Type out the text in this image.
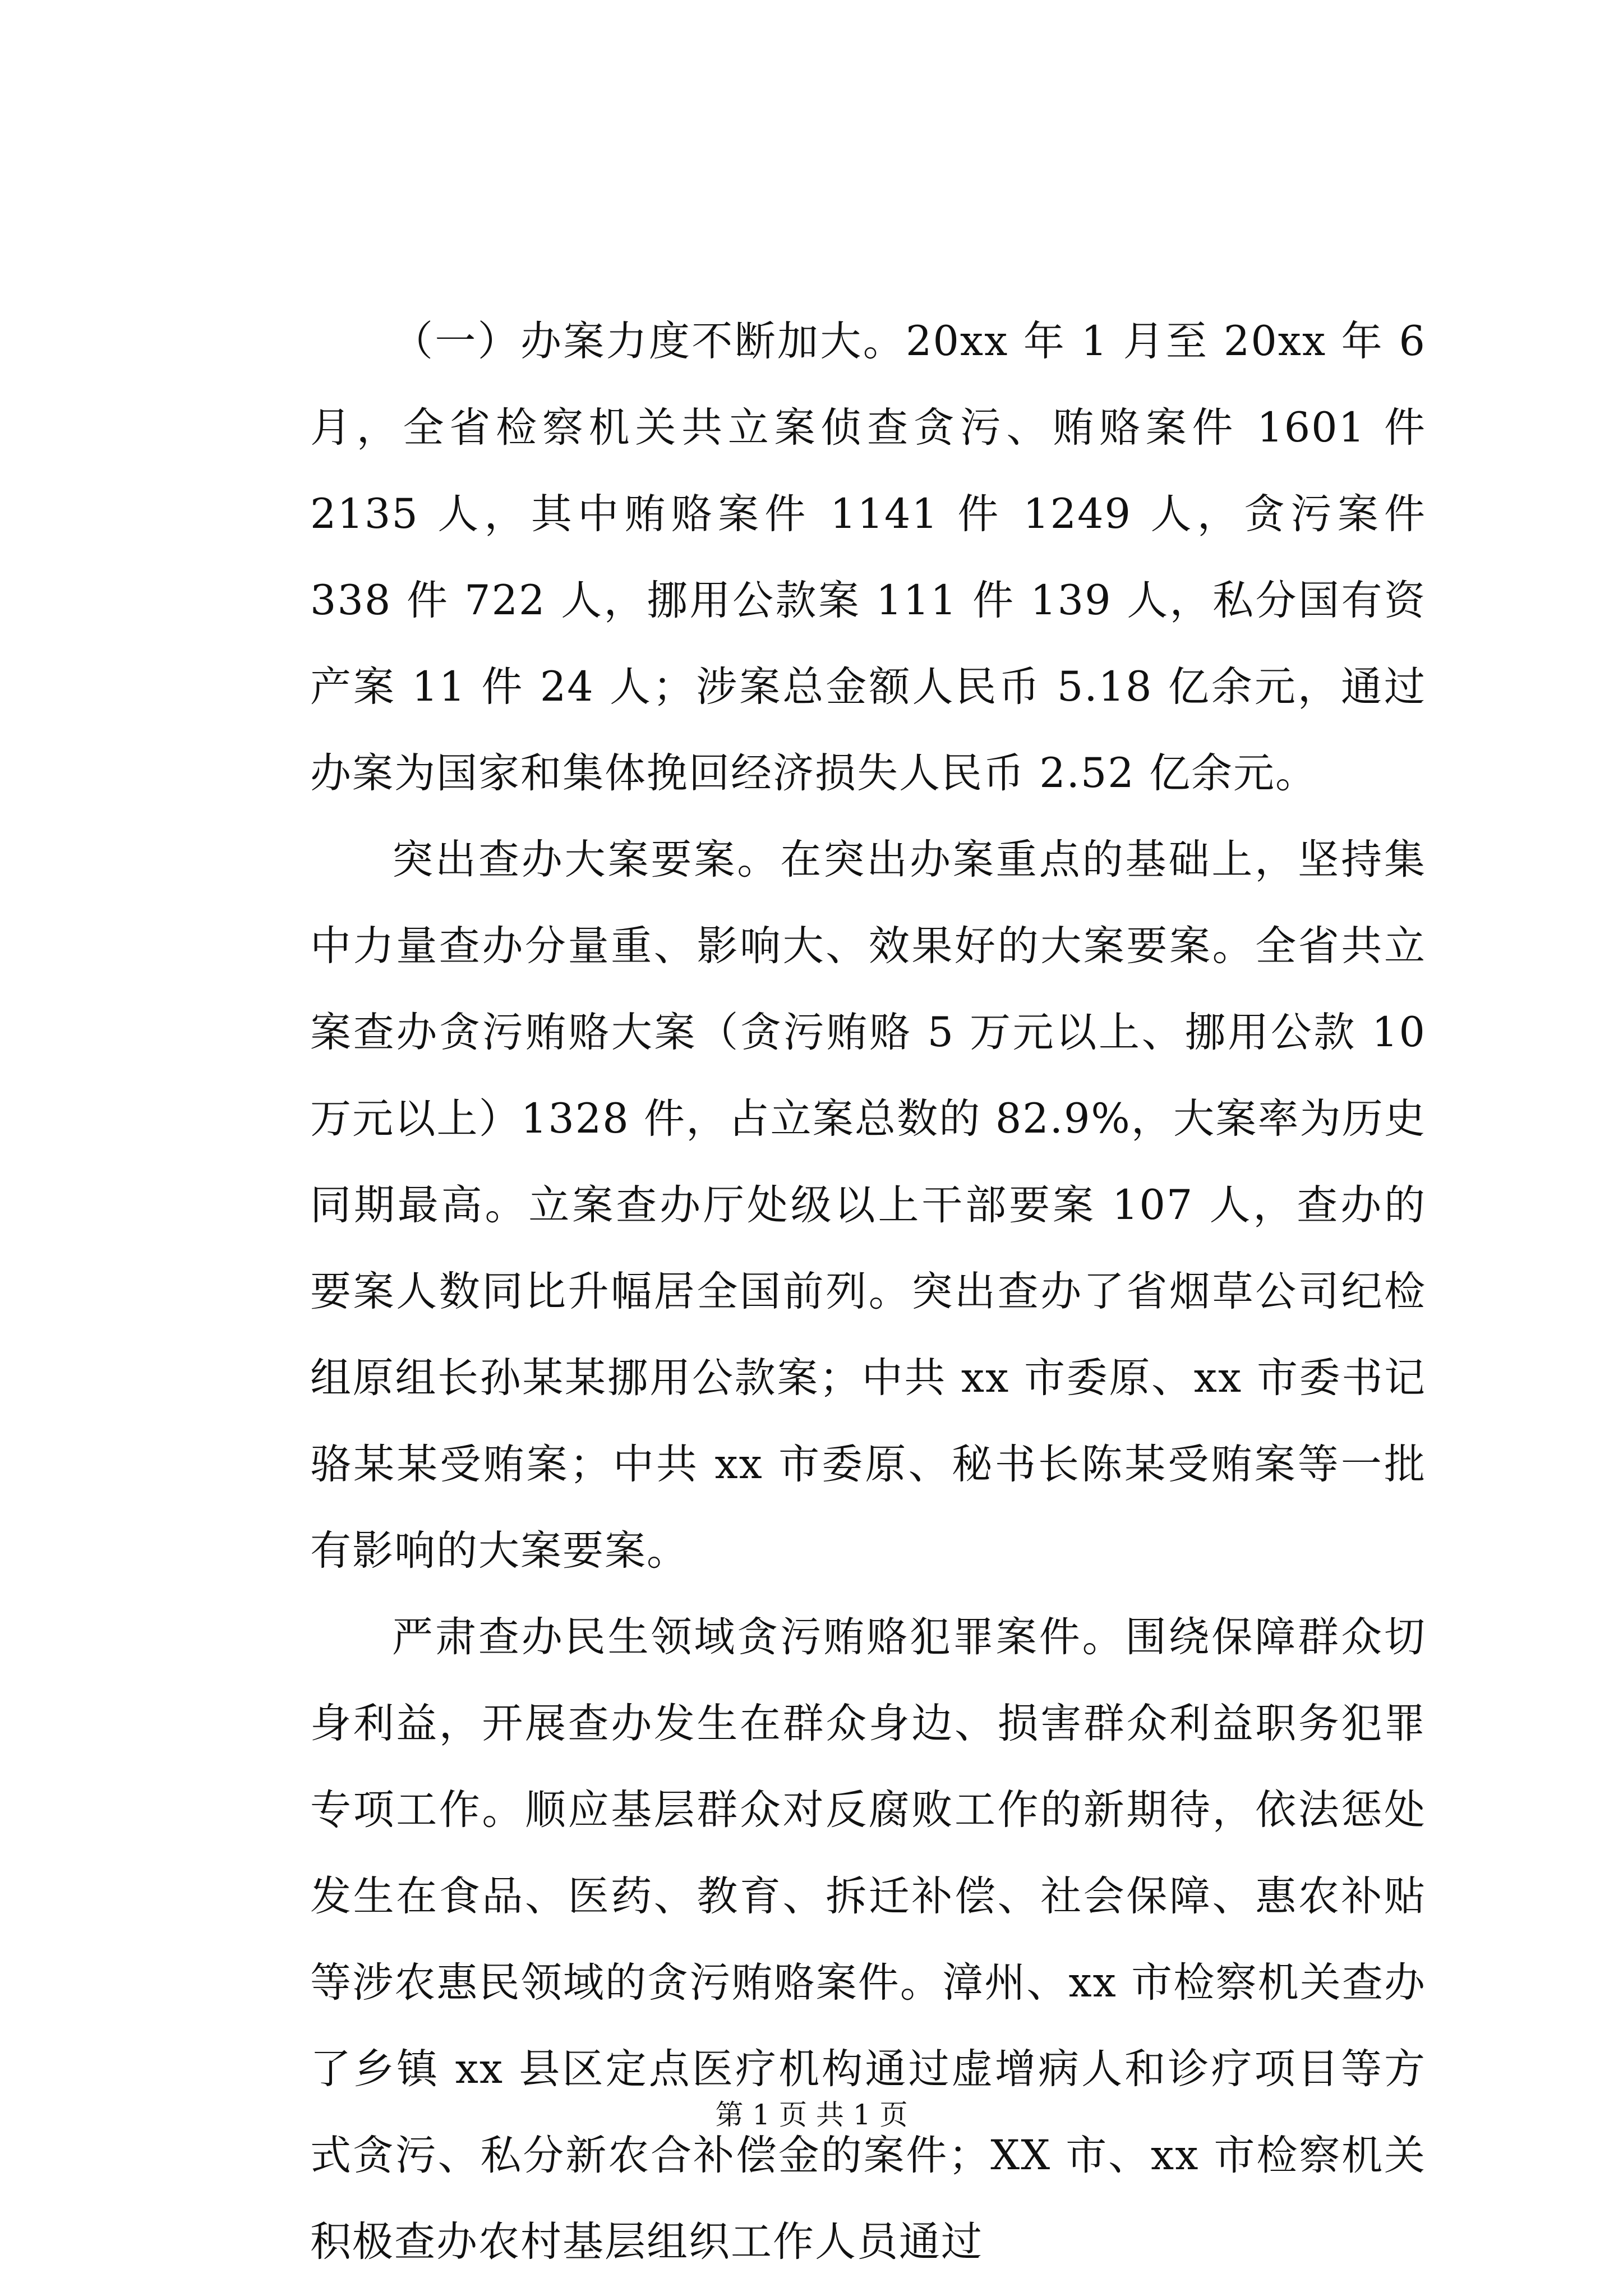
（一）办案力度不断加大。20xx 年 1 月至 20xx 年 6 月，全省检察机关共立案侦查贪污、贿赂案件 1601 件 2135 人，其中贿赂案件 1141 件 1249 人，贪污案件 338 件 722 人，挪用公款案 111 件 139 人，私分国有资产案 11 件 24 人；涉案总金额人民币 5.18 亿余元，通过办案为国家和集体挽回经济损失人民币 2.52 亿余元。

突出查办大案要案。在突出办案重点的基础上，坚持集中力量查办分量重、影响大、效果好的大案要案。全省共立案查办贪污贿赂大案（贪污贿赂 5 万元以上、挪用公款 10 万元以上）1328 件，占立案总数的 82.9%，大案率为历史同期最高。立案查办厅处级以上干部要案 107 人，查办的要案人数同比升幅居全国前列。突出查办了省烟草公司纪检组原组长孙某某挪用公款案；中共 xx 市委原、xx 市委书记骆某某受贿案；中共 xx 市委原、秘书长陈某受贿案等一批有影响的大案要案。

严肃查办民生领域贪污贿赂犯罪案件。围绕保障群众切身利益，开展查办发生在群众身边、损害群众利益职务犯罪专项工作。顺应基层群众对反腐败工作的新期待，依法惩处发生在食品、医药、教育、拆迁补偿、社会保障、惠农补贴等涉农惠民领域的贪污贿赂案件。漳州、xx 市检察机关查办了乡镇 xx 县区定点医疗机构通过虚增病人和诊疗项目等方式贪污、私分新农合补偿金的案件；XX 市、xx 市检察机关积极查办农村基层组织工作人员通过

第 1 页 共 1 页
